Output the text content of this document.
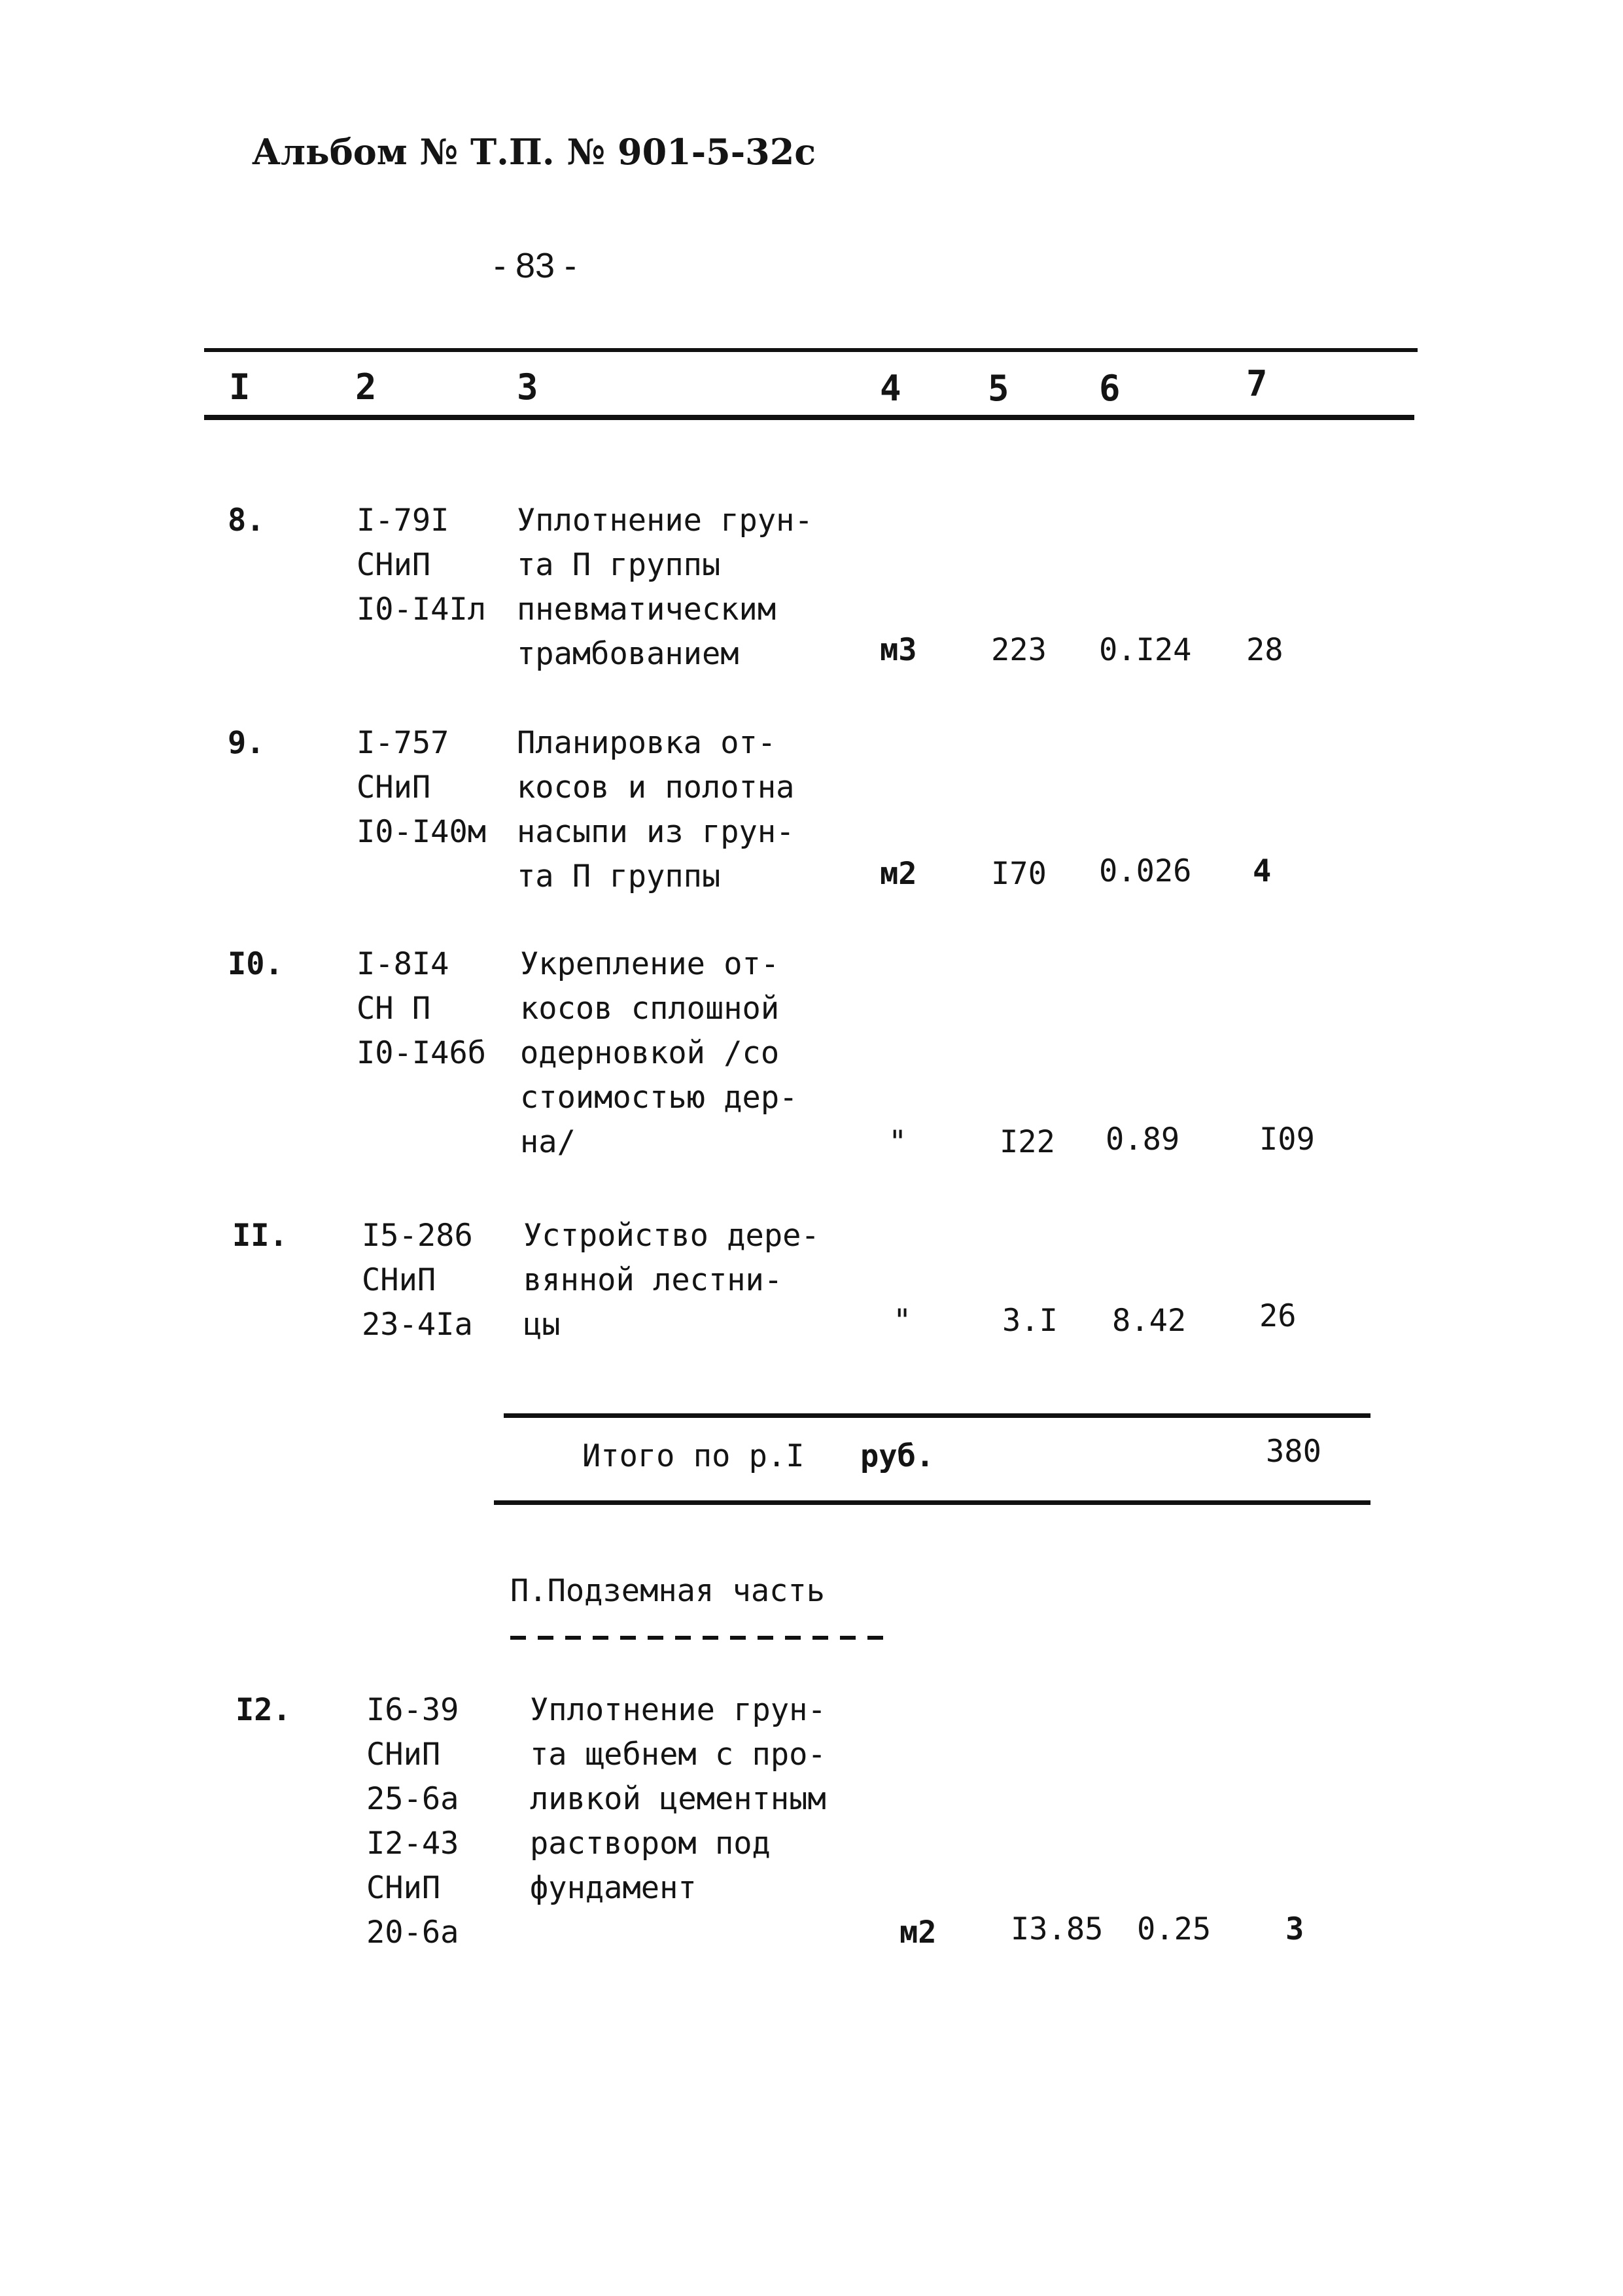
Альбом № Т.П. № 901-5-32с
- 83 -
I	2	3	4 5	6	7
8.	I-79I
СНиП
I0-I4Iл
Уплотнение грун-
та П группы
пневматическим
трамбованием	м3 223 0.I24 28
9.	I-757
СНиП
I0-I40м
Планировка от-
косов и полотна
насыпи из грун-
та П группы	м2 I70 0.026 4
I0. I-8I4
СН П
I0-I46б
Укрепление от-
косов сплошной
одерновкой /со
стоимостью дер-
на/	"	I22 0.89	I09
II. I5-286
СНиП
23-4Iа
Устройство дере-
вянной лестни-
цы	"	3.I 8.42 26
Итого по р.I руб.	380
П.Подземная часть
I2. I6-39
СНиП
25-6а
I2-43
СНиП
20-6а
Уплотнение грун-
та щебнем с про-
ливкой цементным
раствором под
фундамент
м2 I3.85 0.25 3
